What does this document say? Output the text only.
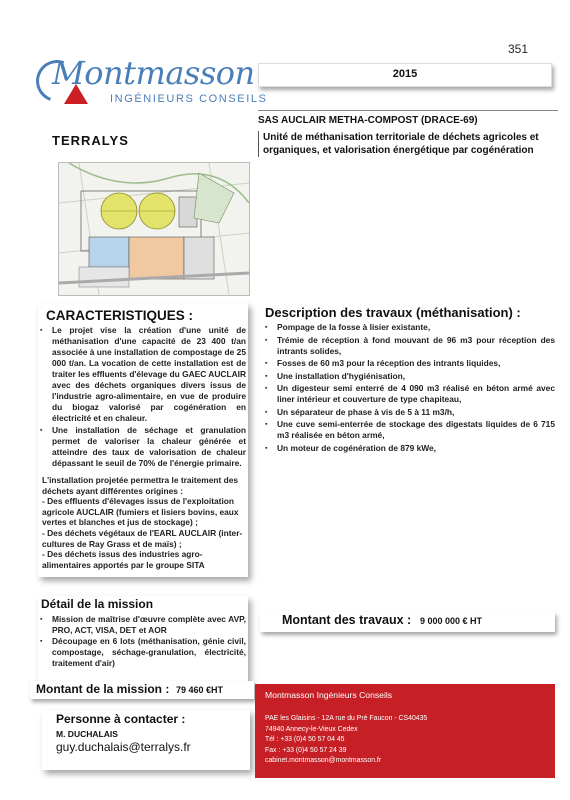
351
Montmasson
INGÉNIEURS CONSEILS
2015
SAS AUCLAIR METHA-COMPOST (DRACE-69)
Unité de méthanisation territoriale de déchets agricoles et organiques, et valorisation énergétique par cogénération
TERRALYS
CARACTERISTIQUES :
▪ Le projet vise la création d'une unité de méthanisation d'une capacité de 23 400 t/an associée à une installation de compostage de 25 000 t/an. La vocation de cette installation est de traiter les effluents d'élevage du GAEC AUCLAIR avec des déchets organiques divers issus de l'industrie agro-alimentaire, en vue de produire du biogaz valorisé par cogénération en électricité et en chaleur.
▪ Une installation de séchage et granulation permet de valoriser la chaleur générée et atteindre des taux de valorisation de chaleur dépassant le seuil de 70% de l'énergie primaire.

L'installation projetée permettra le traitement des déchets ayant différentes origines :

- Des effluents d'élevages issus de l'exploitation agricole AUCLAIR (fumiers et lisiers bovins, eaux vertes et blanches et jus de stockage) ;

- Des déchets végétaux de l'EARL AUCLAIR (inter-cultures de Ray Grass et de maïs) ;

- Des déchets issus des industries agro-alimentaires apportés par le groupe SITA

Description des travaux (méthanisation) :
▪ Pompage de la fosse à lisier existante,
▪ Trémie de réception à fond mouvant de 96 m3 pour réception des intrants solides,
▪ Fosses de 60 m3 pour la réception des intrants liquides,
▪ Une installation d'hygiénisation,
▪ Un digesteur semi enterré de 4 090 m3 réalisé en béton armé avec liner intérieur et couverture de type chapiteau,
▪ Un séparateur de phase à vis de 5 à 11 m3/h,
▪ Une cuve semi-enterrée de stockage des digestats liquides de 6 715 m3 réalisée en béton armé,
▪ Un moteur de cogénération de 879 kWe,
Détail de la mission
▪ Mission de maîtrise d'œuvre complète avec AVP, PRO, ACT, VISA, DET et AOR
▪ Découpage en 6 lots (méthanisation, génie civil, compostage, séchage-granulation, électricité, traitement d'air)
Montant des travaux : 9 000 000 € HT
Montant de la mission : 79 460 €HT
Personne à contacter :
M. DUCHALAIS
guy.duchalais@terralys.fr
Montmasson Ingénieurs Conseils
PAE les Glaisins - 12A rue du Pré Faucon - CS40435
74940 Annecy-le-Vieux Cedex
Tél : +33 (0)4 50 57 04 45
Fax : +33 (0)4 50 57 24 39
cabinet.montmasson@montmasson.fr
